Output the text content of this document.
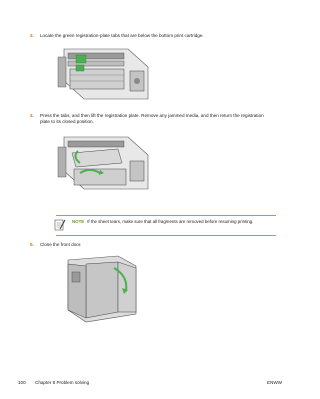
3. Locate the green registration-plate tabs that are below the bottom print cartridge.
4. Press the tabs, and then lift the registration plate. Remove any jammed media, and then return the registration plate to its closed position.
NOTE If the sheet tears, make sure that all fragments are removed before resuming printing.
5. Close the front door.
100 Chapter 8 Problem solving	ENWW
